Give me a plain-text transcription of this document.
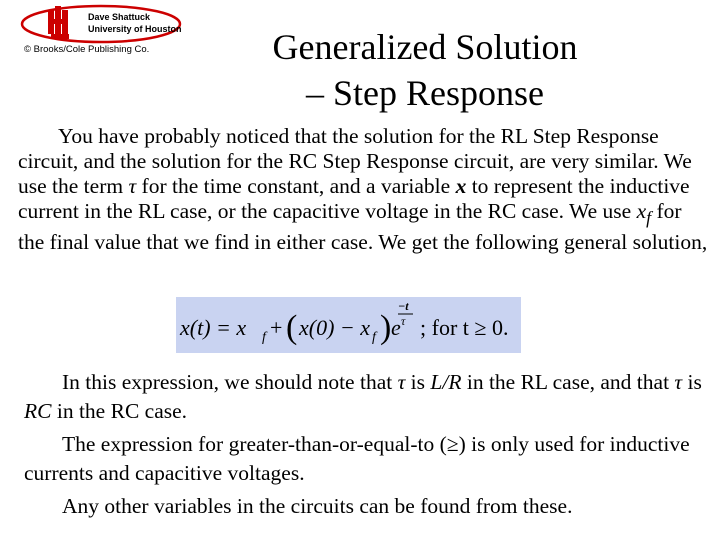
Dave Shattuck
University of Houston
© Brooks/Cole Publishing Co.	Generalized Solution
– Step Response

You have probably noticed that the solution for the RL Step Response circuit, and the solution for the RC Step Response circuit, are very similar. We use the term τ for the time constant, and a variable x to represent the inductive current in the RL case, or the capacitive voltage in the RC case. We use $x_f$ for the final value that we find in either case. We get the following general solution,

x(t) = x f + ( x(0) − x f ) e
−t
τ ; for t ≥ 0.

In this expression, we should note that τ is L/R in the RL case, and that τ is RC in the RC case.

The expression for greater-than-or-equal-to (≥) is only used for inductive currents and capacitive voltages.

Any other variables in the circuits can be found from these.
